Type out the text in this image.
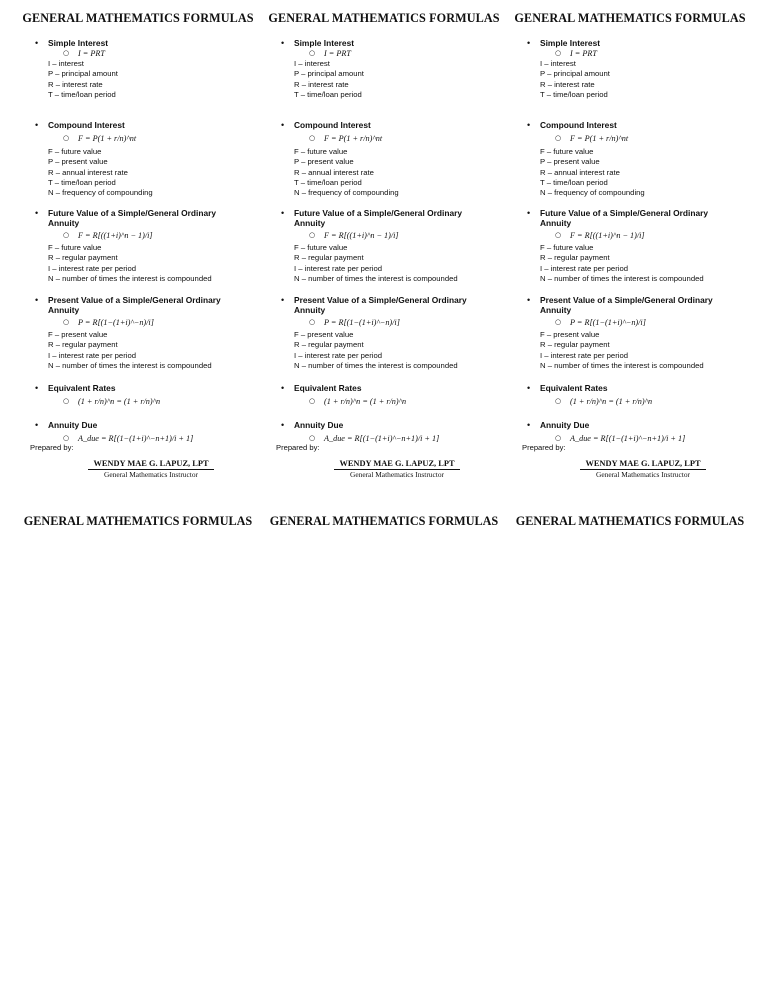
GENERAL MATHEMATICS FORMULAS
• Simple Interest
○ I = PRT
I – interest
P – principal amount
R – interest rate
T – time/loan period
• Compound Interest
○ F = P(1 + r/n)^nt
F – future value
P – present value
R – annual interest rate
T – time/loan period
N – frequency of compounding
• Future Value of a Simple/General Ordinary Annuity
○ F = R[((1+i)^n − 1)/i]
F – future value
R – regular payment
I – interest rate per period
N – number of times the interest is compounded
• Present Value of a Simple/General Ordinary Annuity
○ P = R[(1−(1+i)^−n)/i]
F – present value
R – regular payment
I – interest rate per period
N – number of times the interest is compounded
• Equivalent Rates
○ (1 + r/n)^n = (1 + r/n)^n
• Annuity Due
○ A_due = R[(1−(1+i)^−n+1)/i + 1]
GENERAL MATHEMATICS FORMULAS
• Simple Interest
○ I = PRT
I – interest
P – principal amount
R – interest rate
T – time/loan period
• Compound Interest
○ F = P(1 + r/n)^nt
F – future value
P – present value
R – annual interest rate
T – time/loan period
N – frequency of compounding
• Future Value of a Simple/General Ordinary Annuity
○ F = R[((1+i)^n − 1)/i]
F – future value
R – regular payment
I – interest rate per period
N – number of times the interest is compounded
• Present Value of a Simple/General Ordinary Annuity
○ P = R[(1−(1+i)^−n)/i]
F – present value
R – regular payment
I – interest rate per period
N – number of times the interest is compounded
• Equivalent Rates
○ (1 + r/n)^n = (1 + r/n)^n
• Annuity Due
○ A_due = R[(1−(1+i)^−n+1)/i + 1]
GENERAL MATHEMATICS FORMULAS
• Simple Interest
○ I = PRT
I – interest
P – principal amount
R – interest rate
T – time/loan period
• Compound Interest
○ F = P(1 + r/n)^nt
F – future value
P – present value
R – annual interest rate
T – time/loan period
N – frequency of compounding
• Future Value of a Simple/General Ordinary Annuity
○ F = R[((1+i)^n − 1)/i]
F – future value
R – regular payment
I – interest rate per period
N – number of times the interest is compounded
• Present Value of a Simple/General Ordinary Annuity
○ P = R[(1−(1+i)^−n)/i]
F – present value
R – regular payment
I – interest rate per period
N – number of times the interest is compounded
• Equivalent Rates
○ (1 + r/n)^n = (1 + r/n)^n
• Annuity Due
○ A_due = R[(1−(1+i)^−n+1)/i + 1]
Prepared by:	Prepared by:	Prepared by:
WENDY MAE G. LAPUZ, LPT
General Mathematics Instructor
WENDY MAE G. LAPUZ, LPT
General Mathematics Instructor
WENDY MAE G. LAPUZ, LPT
General Mathematics Instructor
GENERAL MATHEMATICS FORMULAS	GENERAL MATHEMATICS FORMULAS	GENERAL MATHEMATICS FORMULAS
